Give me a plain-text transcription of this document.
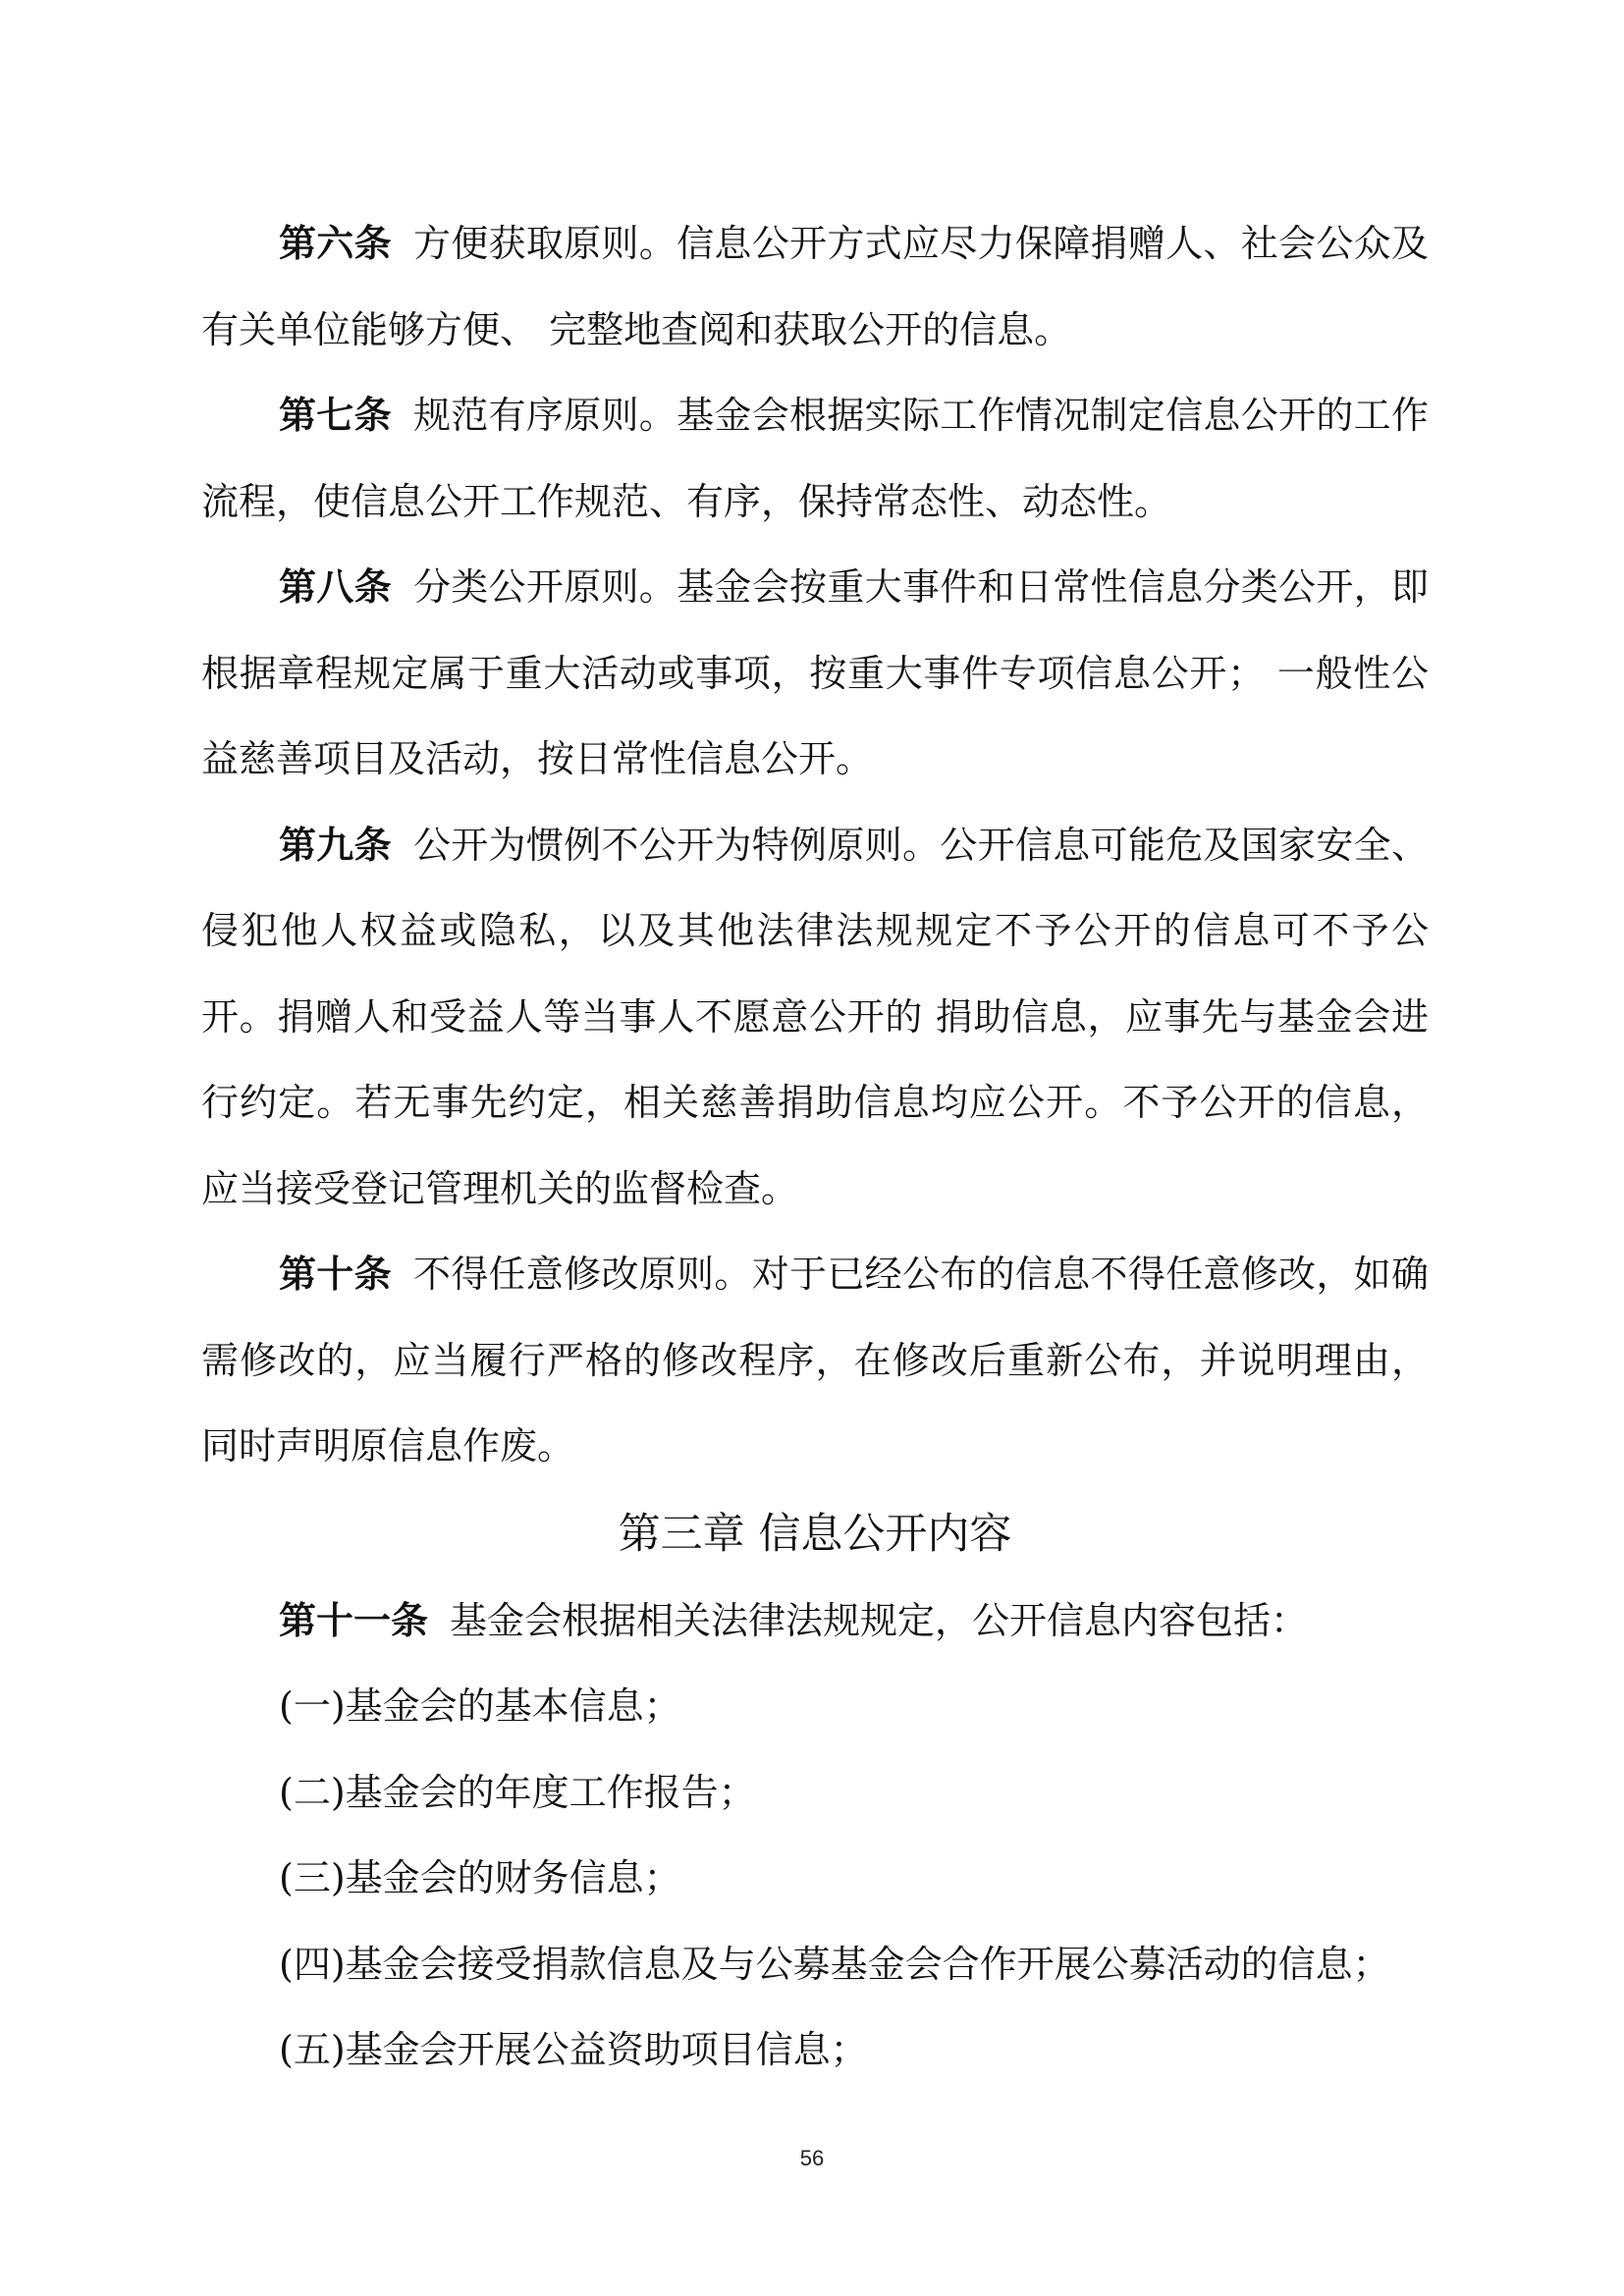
第六条 方便获取原则。信息公开方式应尽力保障捐赠人、社会公众及有关单位能够方便、 完整地查阅和获取公开的信息。

第七条 规范有序原则。基金会根据实际工作情况制定信息公开的工作流程，使信息公开工作规范、有序，保持常态性、动态性。

第八条 分类公开原则。基金会按重大事件和日常性信息分类公开，即根据章程规定属于重大活动或事项，按重大事件专项信息公开； 一般性公益慈善项目及活动，按日常性信息公开。

第九条 公开为惯例不公开为特例原则。公开信息可能危及国家安全、侵犯他人权益或隐私，以及其他法律法规规定不予公开的信息可不予公开。捐赠人和受益人等当事人不愿意公开的 捐助信息，应事先与基金会进行约定。若无事先约定，相关慈善捐助信息均应公开。不予公开的信息，应当接受登记管理机关的监督检查。

第十条 不得任意修改原则。对于已经公布的信息不得任意修改，如确需修改的，应当履行严格的修改程序，在修改后重新公布，并说明理由，同时声明原信息作废。

第三章 信息公开内容

第十一条 基金会根据相关法律法规规定，公开信息内容包括：

(一)基金会的基本信息；

(二)基金会的年度工作报告；

(三)基金会的财务信息；

(四)基金会接受捐款信息及与公募基金会合作开展公募活动的信息；

(五)基金会开展公益资助项目信息；

56
